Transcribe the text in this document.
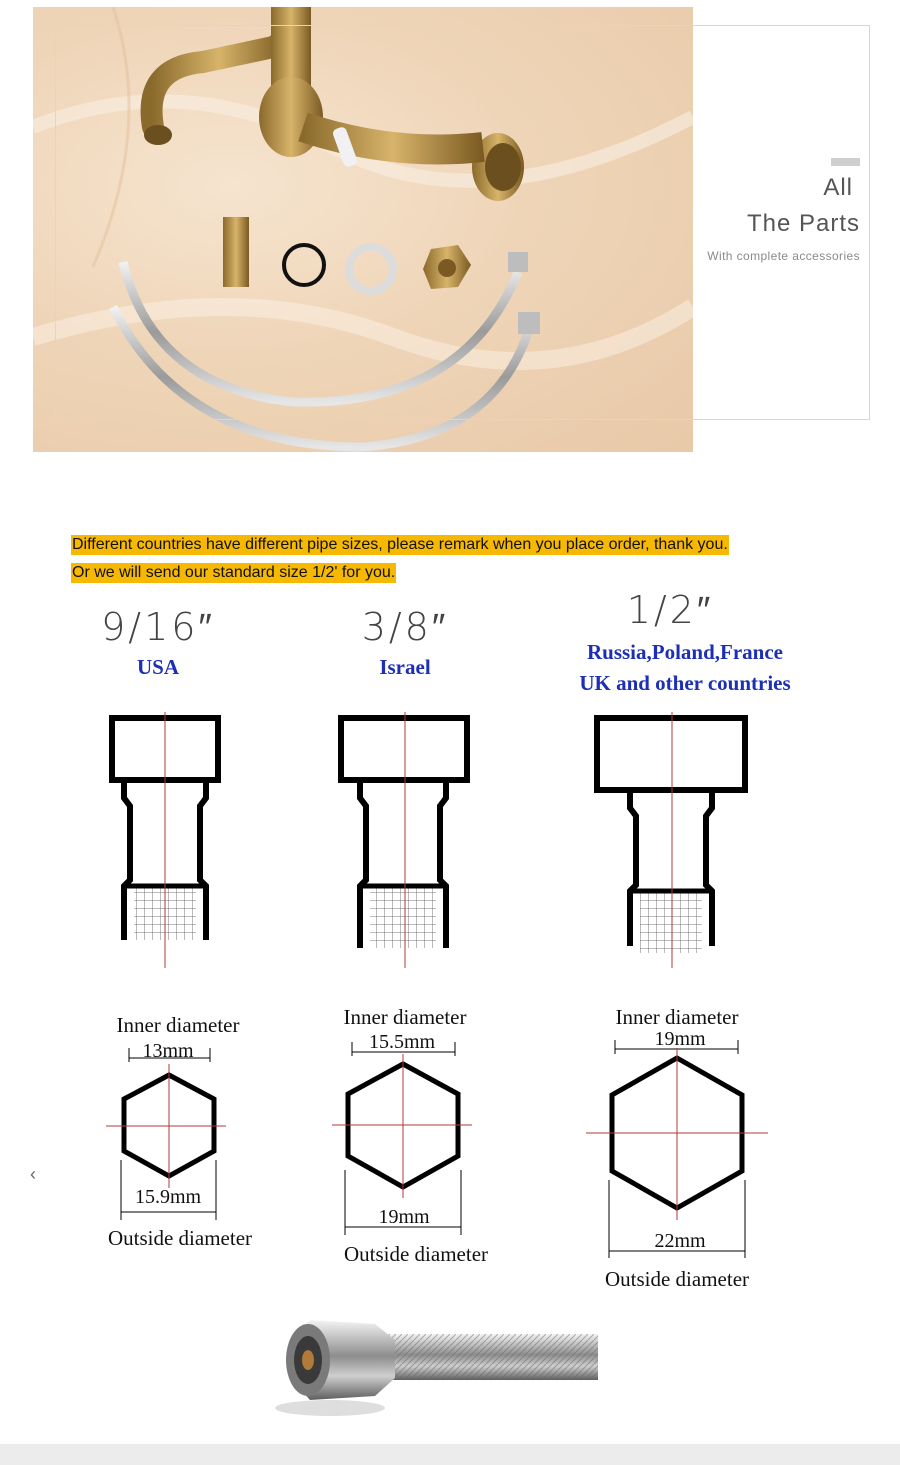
All
The Parts
With complete accessories
Different countries have different pipe sizes, please remark when you place order, thank you.
Or we will send our standard size 1/2' for you.
9/16″
USA
3/8″
Israel
1/2″
Russia,Poland,France
UK and other countries
Inner diameter
13mm
15.9mm
Outside diameter
Inner diameter
15.5mm
19mm
Outside diameter
Inner diameter
19mm
22mm
Outside diameter
‹
